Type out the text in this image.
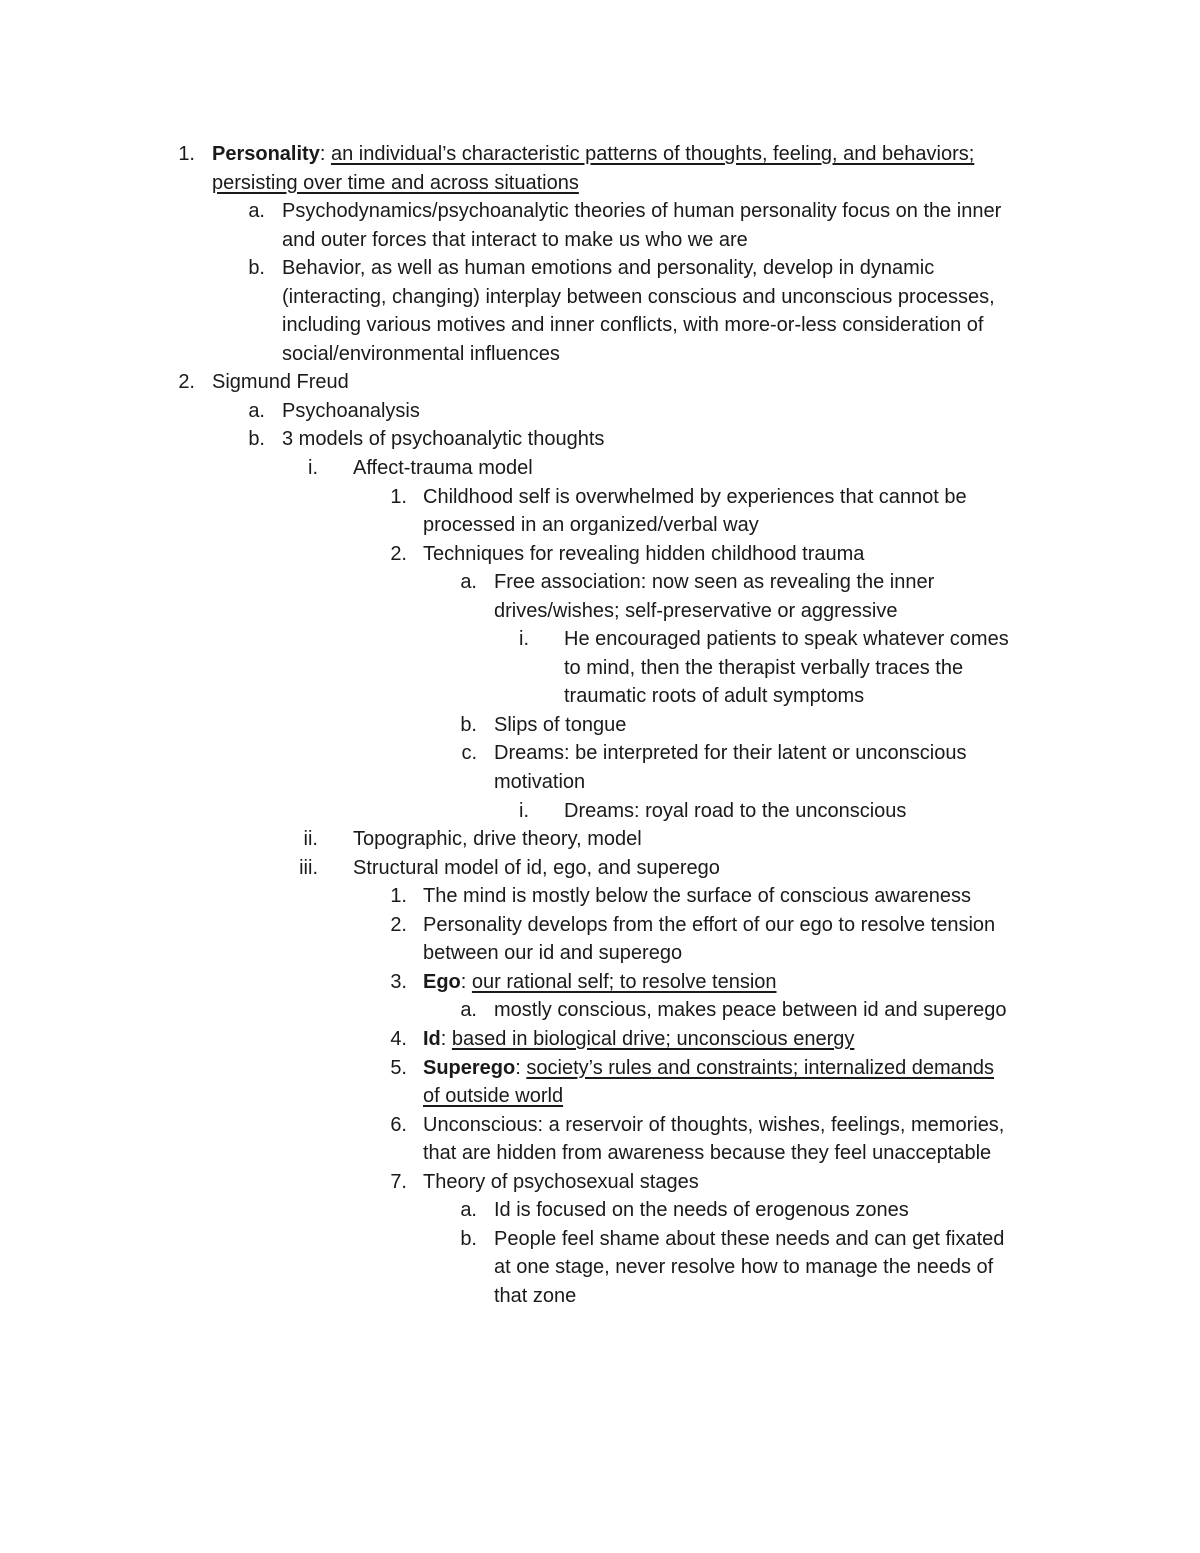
1. Personality: an individual’s characteristic patterns of thoughts, feeling, and behaviors;
persisting over time and across situations
a. Psychodynamics/psychoanalytic theories of human personality focus on the inner
and outer forces that interact to make us who we are
b. Behavior, as well as human emotions and personality, develop in dynamic
(interacting, changing) interplay between conscious and unconscious processes,
including various motives and inner conflicts, with more-or-less consideration of
social/environmental influences
2. Sigmund Freud
a. Psychoanalysis
b. 3 models of psychoanalytic thoughts
i. Affect-trauma model
1. Childhood self is overwhelmed by experiences that cannot be
processed in an organized/verbal way
2. Techniques for revealing hidden childhood trauma
a. Free association: now seen as revealing the inner
drives/wishes; self-preservative or aggressive
i. He encouraged patients to speak whatever comes
to mind, then the therapist verbally traces the
traumatic roots of adult symptoms
b. Slips of tongue
c. Dreams: be interpreted for their latent or unconscious
motivation
i. Dreams: royal road to the unconscious
ii. Topographic, drive theory, model
iii. Structural model of id, ego, and superego
1. The mind is mostly below the surface of conscious awareness
2. Personality develops from the effort of our ego to resolve tension
between our id and superego
3. Ego: our rational self; to resolve tension
a. mostly conscious, makes peace between id and superego
4. Id: based in biological drive; unconscious energy
5. Superego: society’s rules and constraints; internalized demands
of outside world
6. Unconscious: a reservoir of thoughts, wishes, feelings, memories,
that are hidden from awareness because they feel unacceptable
7. Theory of psychosexual stages
a. Id is focused on the needs of erogenous zones
b. People feel shame about these needs and can get fixated
at one stage, never resolve how to manage the needs of
that zone
